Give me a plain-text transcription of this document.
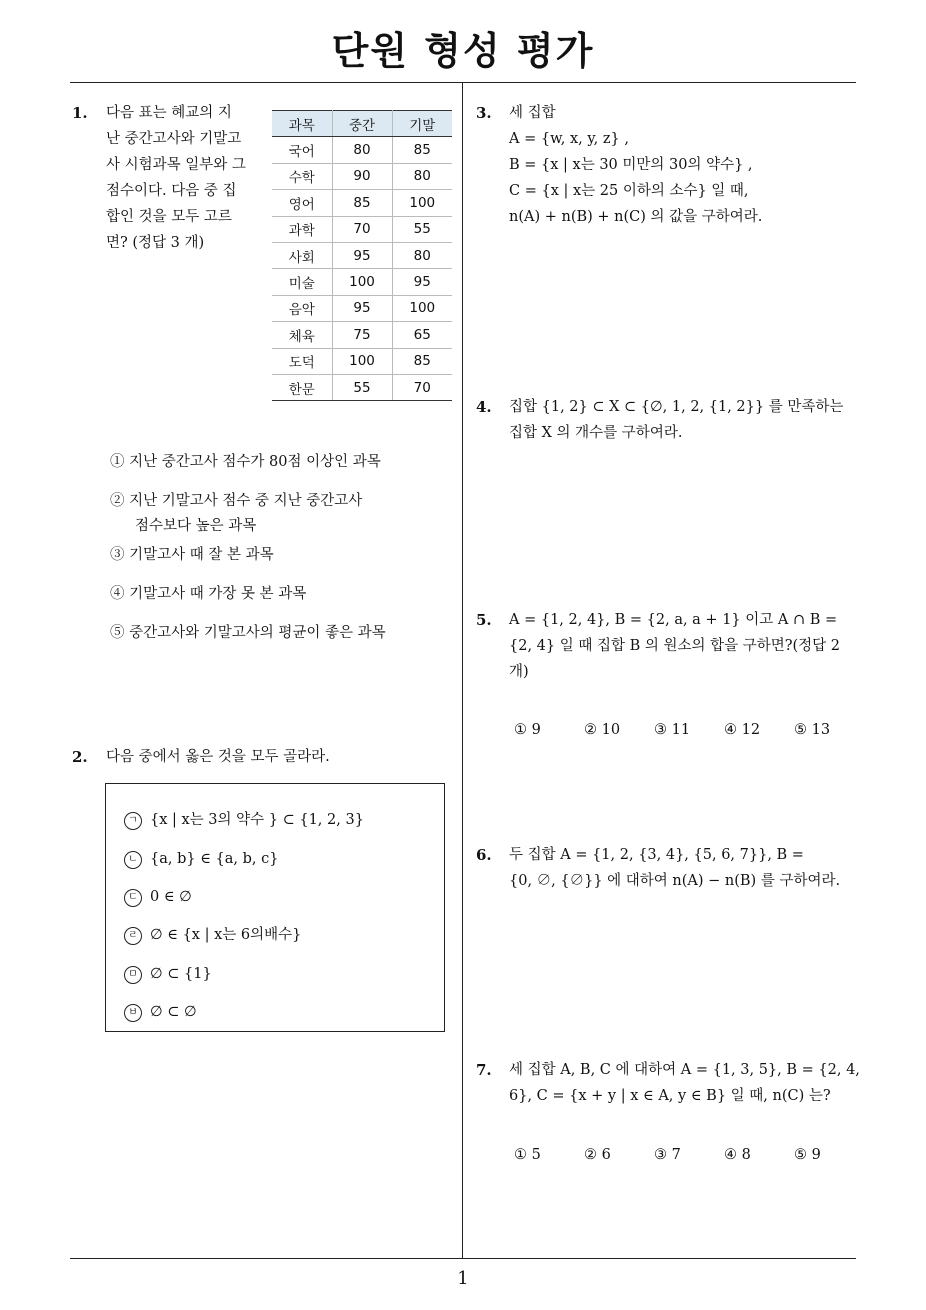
단원 형성 평가
1
1. 다음 표는 혜교의 지
난 중간고사와 기말고
사 시험과목 일부와 그
점수이다. 다음 중 집
합인 것을 모두 고르
면? (정답 3 개)
과목	중간	기말
국어	80	85
수학	90	80
영어	85	100
과학	70	55
사회	95	80
미술	100	95
음악	95	100
체육	75	65
도덕	100	85
한문	55	70
① 지난 중간고사 점수가 80점 이상인 과목
② 지난 기말고사 점수 중 지난 중간고사
점수보다 높은 과목
③ 기말고사 때 잘 본 과목
④ 기말고사 때 가장 못 본 과목
⑤ 중간고사와 기말고사의 평균이 좋은 과목
2. 다음 중에서 옳은 것을 모두 골라라.
ㄱ {x | x는 3의 약수 } ⊂ {1, 2, 3}
ㄴ {a, b} ∈ {a, b, c}
ㄷ 0 ∈ ∅
ㄹ ∅ ∈ {x | x는 6의배수}
ㅁ ∅ ⊂ {1}
ㅂ ∅ ⊂ ∅
3. 세 집합
A = {w, x, y, z} ,
B = {x | x는 30 미만의 30의 약수} ,
C = {x | x는 25 이하의 소수} 일 때,
n(A) + n(B) + n(C) 의 값을 구하여라.
4. 집합 {1, 2} ⊂ X ⊂ {∅, 1, 2, {1, 2}} 를 만족하는
집합 X 의 개수를 구하여라.
5. A = {1, 2, 4}, B = {2, a, a + 1} 이고 A ∩ B =
{2, 4} 일 때 집합 B 의 원소의 합을 구하면?(정답 2
개)
① 9	② 10 ③ 11 ④ 12 ⑤ 13
6. 두 집합 A = {1, 2, {3, 4}, {5, 6, 7}}, B =
{0, ∅, {∅}} 에 대하여 n(A) − n(B) 를 구하여라.
7. 세 집합 A, B, C 에 대하여 A = {1, 3, 5}, B = {2, 4,
6}, C = {x + y | x ∈ A, y ∈ B} 일 때, n(C) 는?
① 5	② 6	③ 7	④ 8	⑤ 9
